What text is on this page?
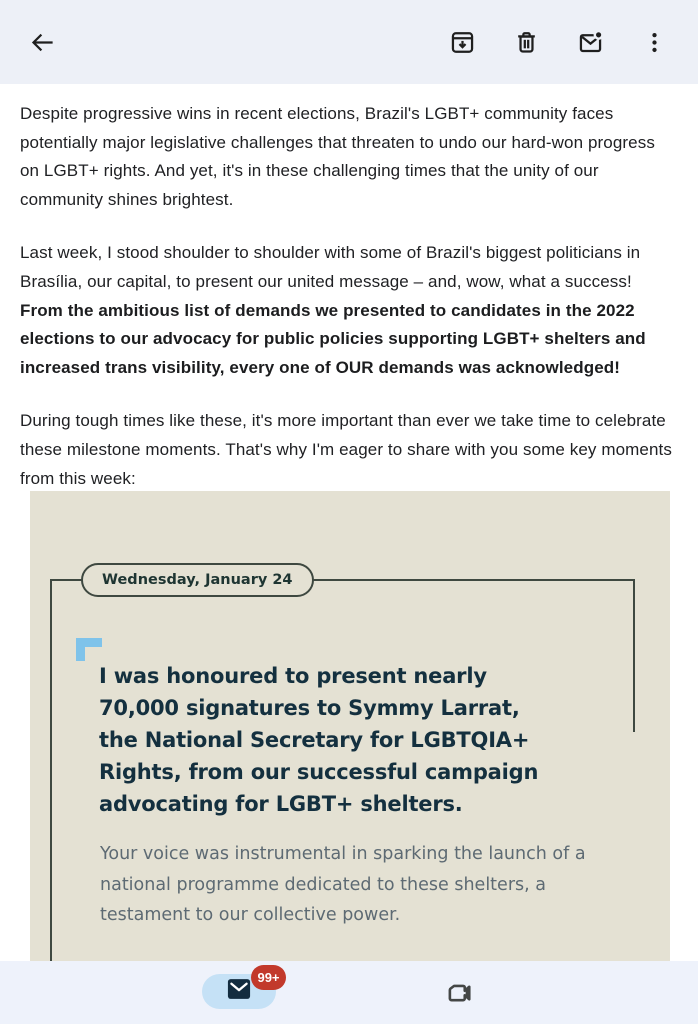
Despite progressive wins in recent elections, Brazil's LGBT+ community faces potentially major legislative challenges that threaten to undo our hard-won progress on LGBT+ rights. And yet, it's in these challenging times that the unity of our community shines brightest.

Last week, I stood shoulder to shoulder with some of Brazil's biggest politicians in Brasília, our capital, to present our united message – and, wow, what a success! From the ambitious list of demands we presented to candidates in the 2022 elections to our advocacy for public policies supporting LGBT+ shelters and increased trans visibility, every one of OUR demands was acknowledged!

During tough times like these, it's more important than ever we take time to celebrate these milestone moments. That's why I'm eager to share with you some key moments from this week:

Wednesday, January 24
I was honoured to present nearly
70,000 signatures to Symmy Larrat,
the National Secretary for LGBTQIA+
Rights, from our successful campaign
advocating for LGBT+ shelters.
Your voice was instrumental in sparking the launch of a
national programme dedicated to these shelters, a
testament to our collective power.
99+
